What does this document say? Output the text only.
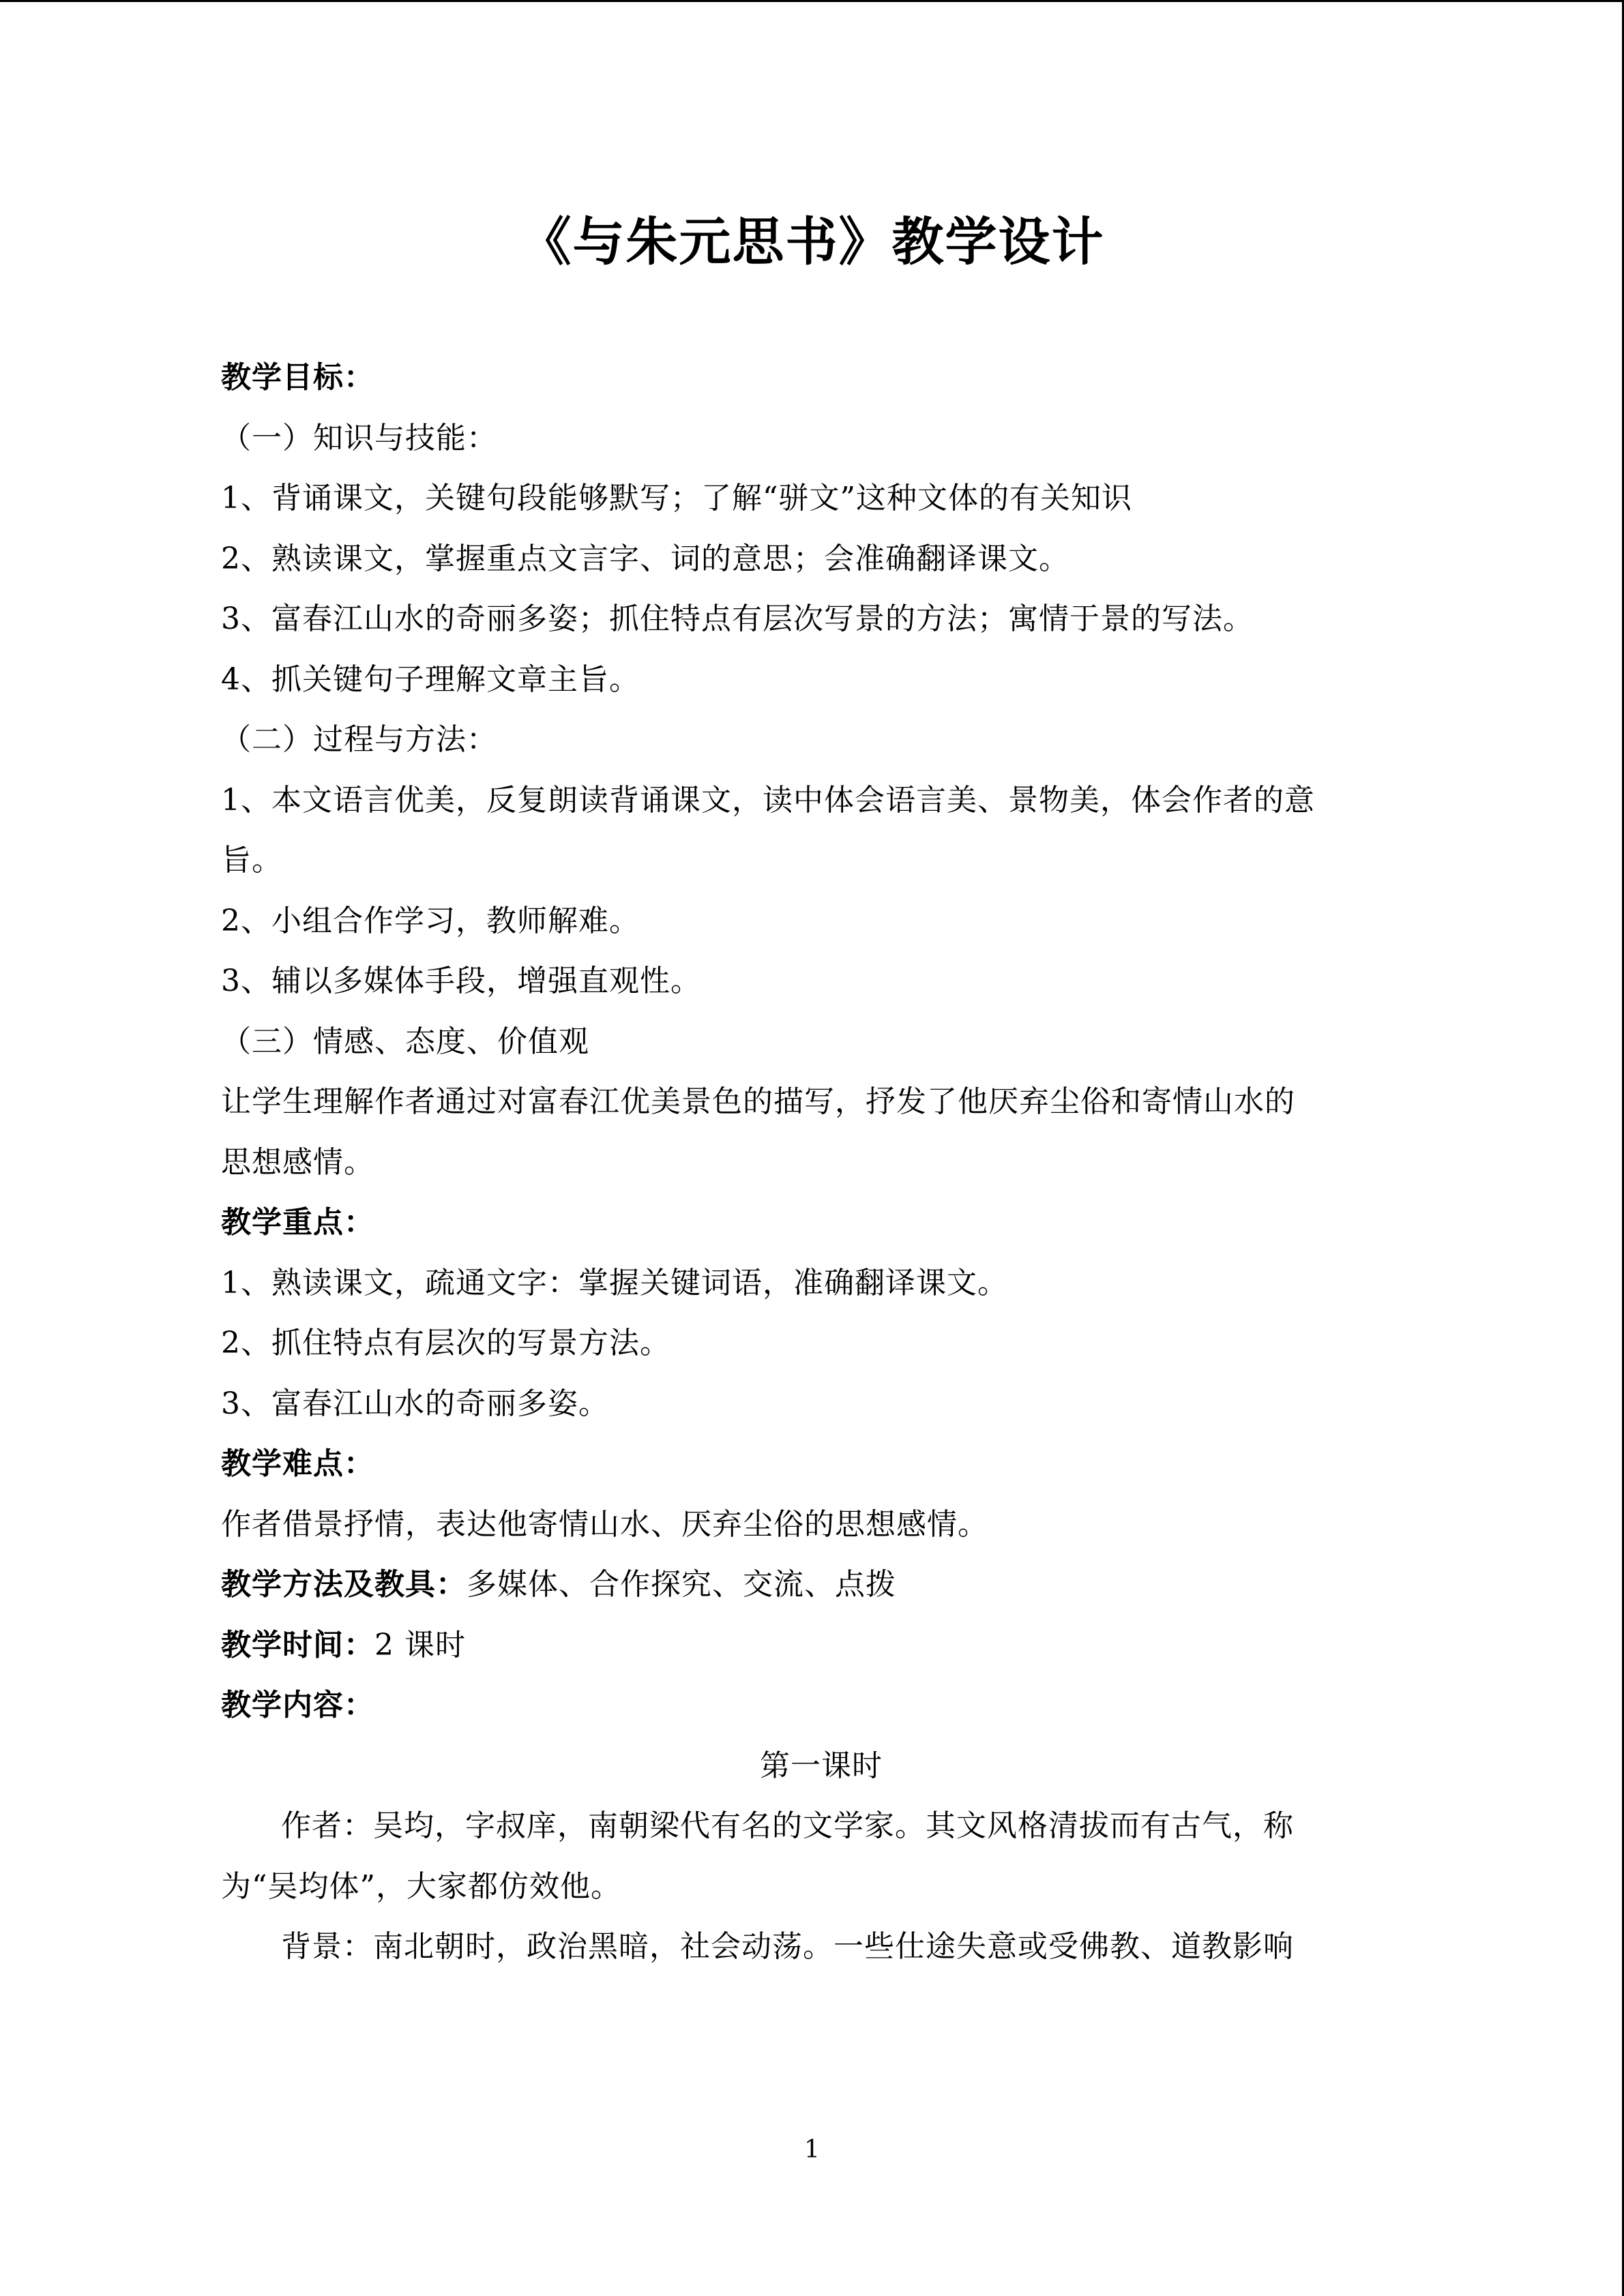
《与朱元思书》教学设计
教学目标：
（一）知识与技能：
1、背诵课文，关键句段能够默写；了解“骈文”这种文体的有关知识
2、熟读课文，掌握重点文言字、词的意思；会准确翻译课文。
3、富春江山水的奇丽多姿；抓住特点有层次写景的方法；寓情于景的写法。
4、抓关键句子理解文章主旨。
（二）过程与方法：
1、本文语言优美，反复朗读背诵课文，读中体会语言美、景物美，体会作者的意
旨。
2、小组合作学习，教师解难。
3、辅以多媒体手段，增强直观性。
（三）情感、态度、价值观
让学生理解作者通过对富春江优美景色的描写，抒发了他厌弃尘俗和寄情山水的
思想感情。
教学重点：
1、熟读课文，疏通文字：掌握关键词语，准确翻译课文。
2、抓住特点有层次的写景方法。
3、富春江山水的奇丽多姿。
教学难点：
作者借景抒情，表达他寄情山水、厌弃尘俗的思想感情。
教学方法及教具：多媒体、合作探究、交流、点拨
教学时间：2 课时
教学内容：
第一课时
作者：吴均，字叔庠，南朝梁代有名的文学家。其文风格清拔而有古气，称
为“吴均体”，大家都仿效他。
背景：南北朝时，政治黑暗，社会动荡。一些仕途失意或受佛教、道教影响
1
